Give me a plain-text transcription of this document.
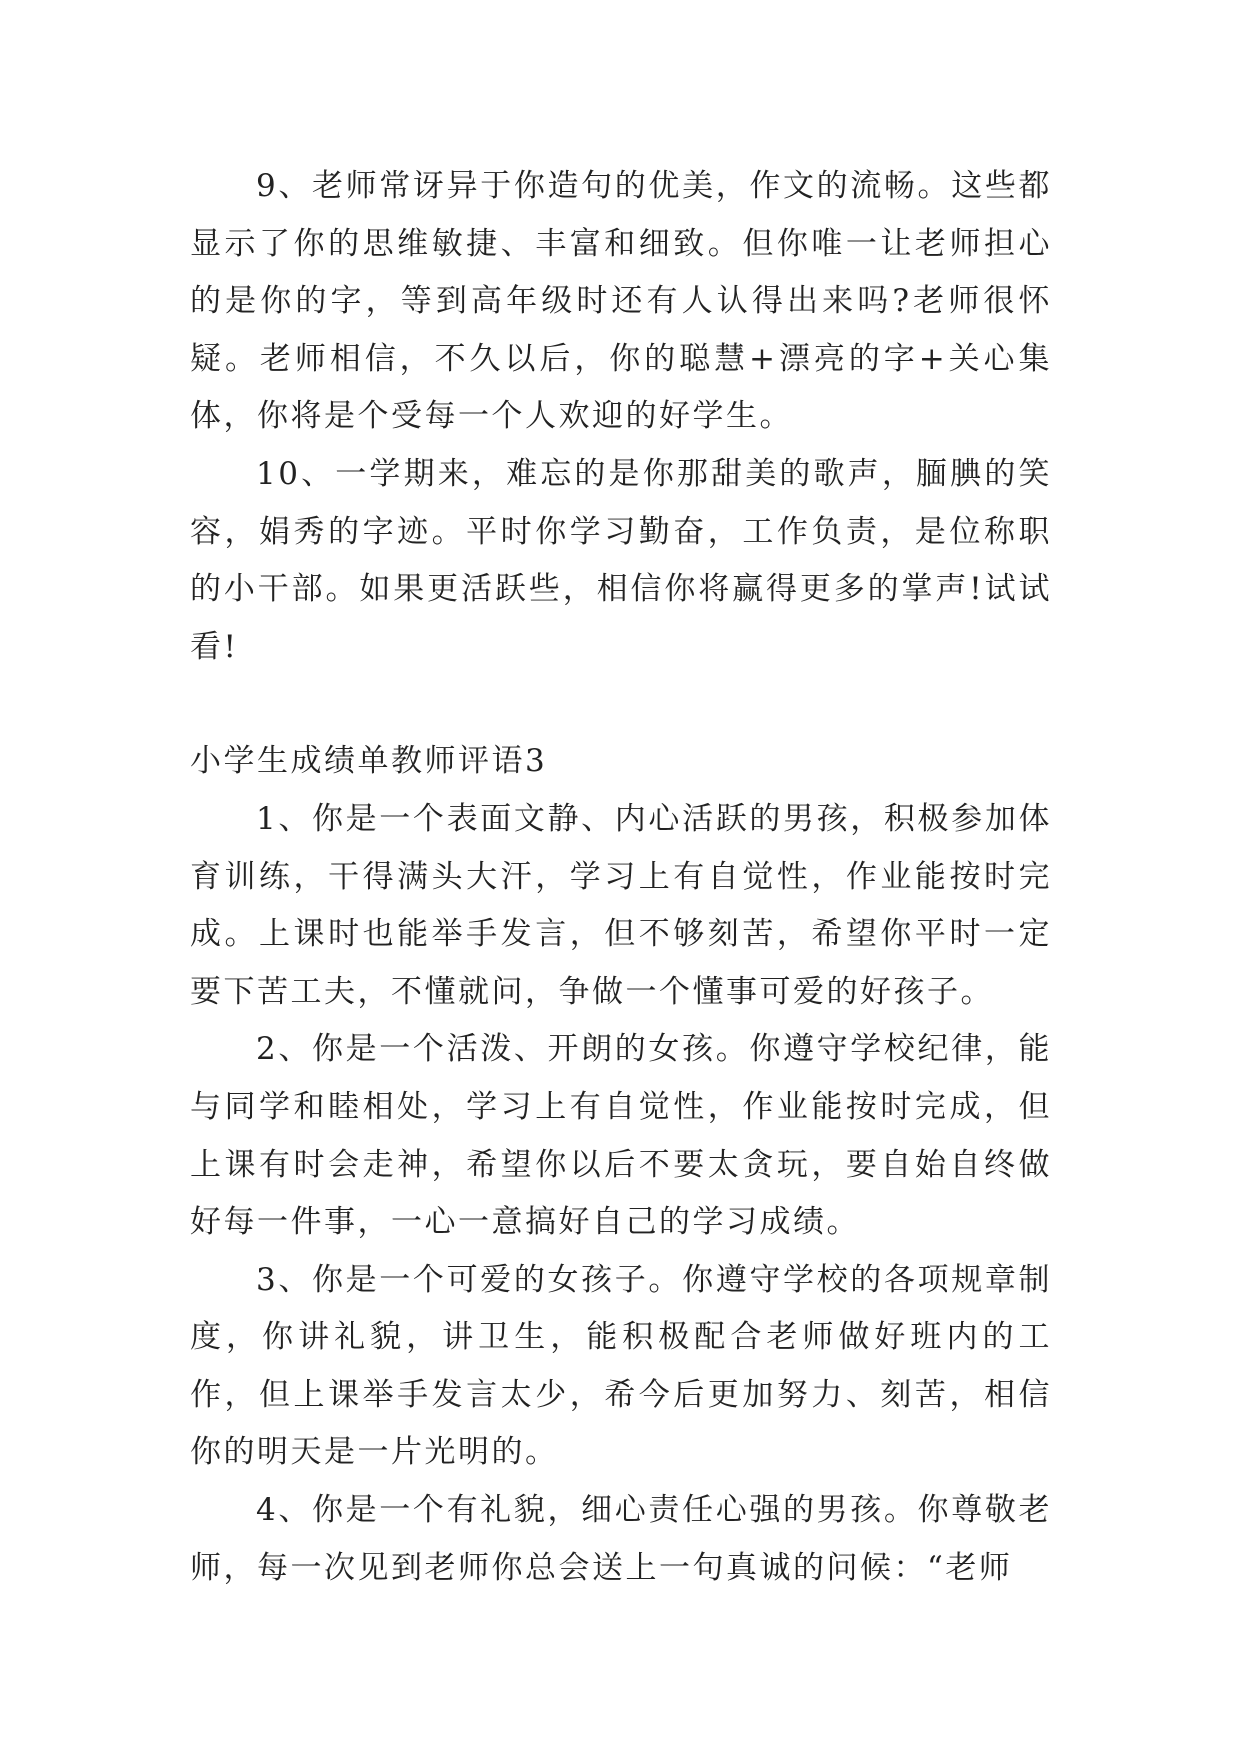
9、老师常讶异于你造句的优美，作文的流畅。这些都显示了你的思维敏捷、丰富和细致。但你唯一让老师担心的是你的字，等到高年级时还有人认得出来吗?老师很怀疑。老师相信，不久以后，你的聪慧+漂亮的字+关心集体，你将是个受每一个人欢迎的好学生。

10、一学期来，难忘的是你那甜美的歌声，腼腆的笑容，娟秀的字迹。平时你学习勤奋，工作负责，是位称职的小干部。如果更活跃些，相信你将赢得更多的掌声!试试看!

小学生成绩单教师评语3

1、你是一个表面文静、内心活跃的男孩，积极参加体育训练，干得满头大汗，学习上有自觉性，作业能按时完成。上课时也能举手发言，但不够刻苦，希望你平时一定要下苦工夫，不懂就问，争做一个懂事可爱的好孩子。

2、你是一个活泼、开朗的女孩。你遵守学校纪律，能与同学和睦相处，学习上有自觉性，作业能按时完成，但上课有时会走神，希望你以后不要太贪玩，要自始自终做好每一件事，一心一意搞好自己的学习成绩。

3、你是一个可爱的女孩子。你遵守学校的各项规章制度，你讲礼貌，讲卫生，能积极配合老师做好班内的工作，但上课举手发言太少，希今后更加努力、刻苦，相信你的明天是一片光明的。

4、你是一个有礼貌，细心责任心强的男孩。你尊敬老师，每一次见到老师你总会送上一句真诚的问候：“老师
